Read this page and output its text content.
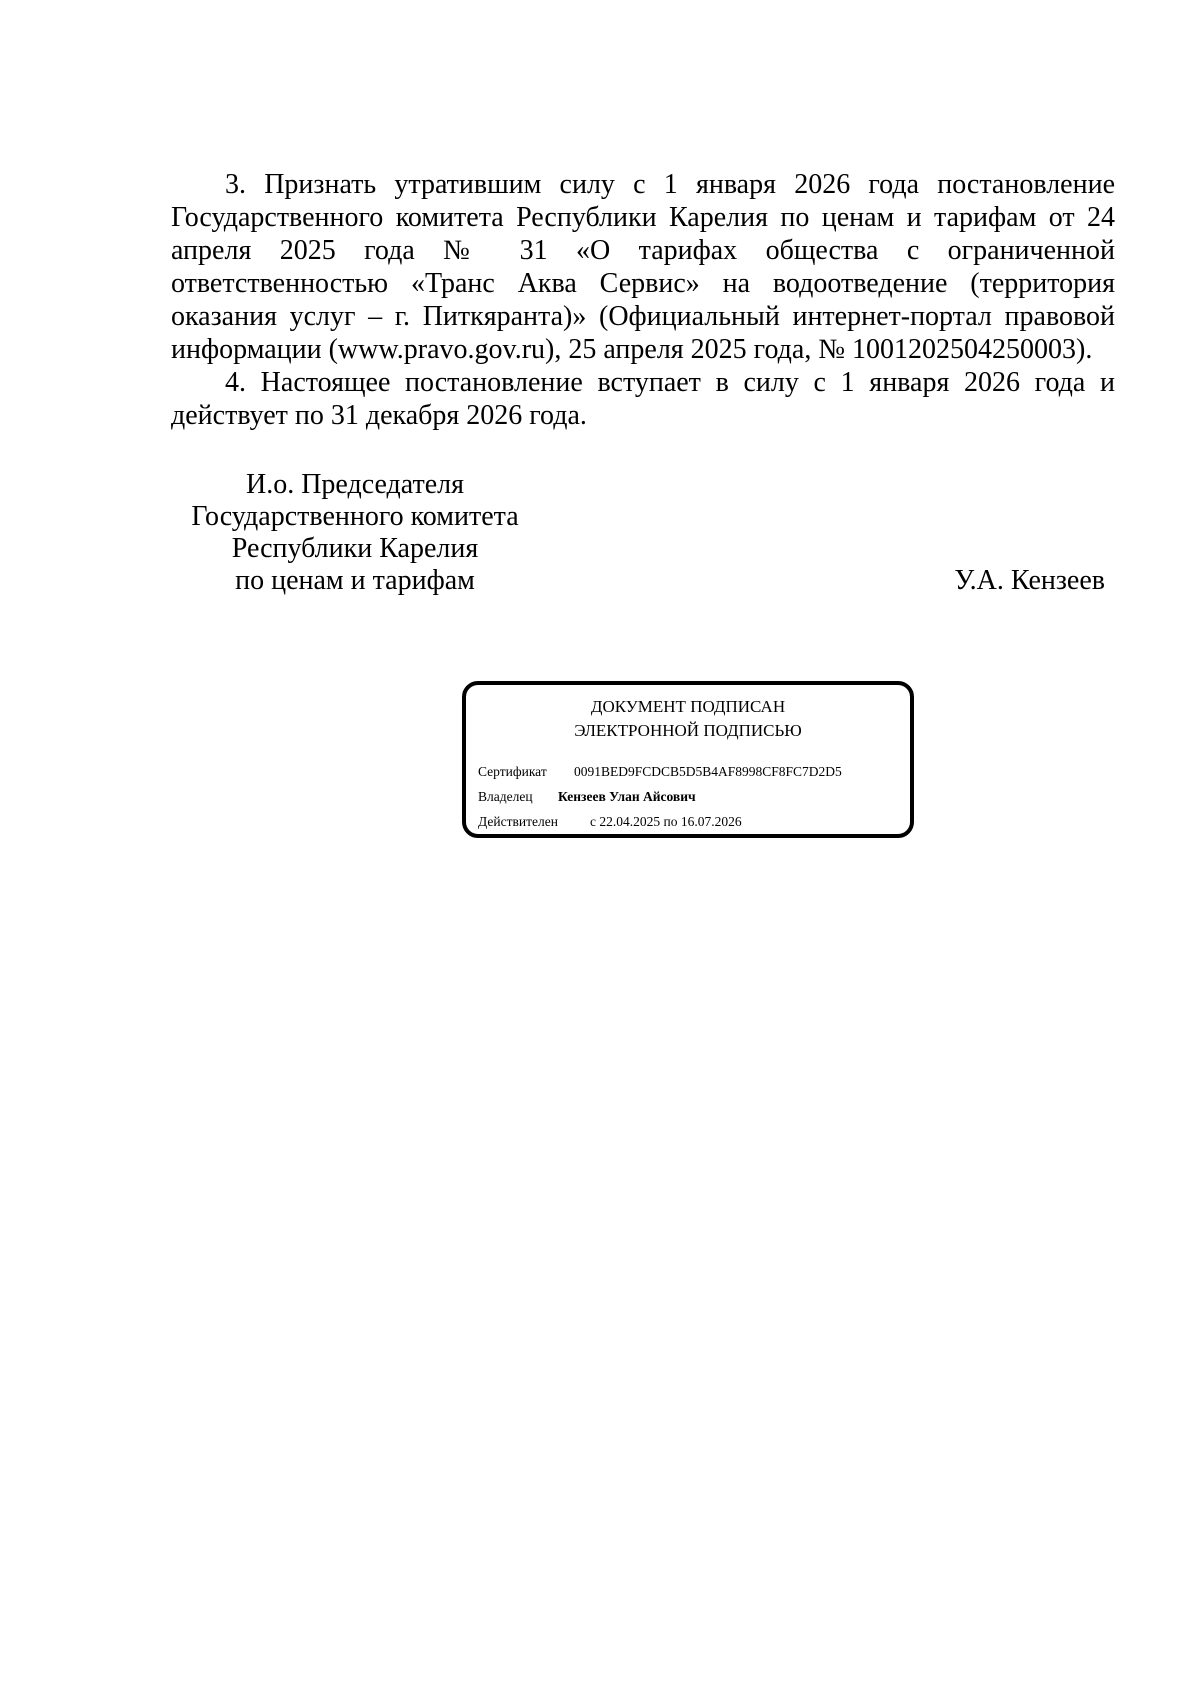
3. Признать утратившим силу с 1 января 2026 года постановление Государственного комитета Республики Карелия по ценам и тарифам от 24 апреля 2025 года № 31 «О тарифах общества с ограниченной ответственностью «Транс Аква Сервис» на водоотведение (территория оказания услуг – г. Питкяранта)» (Официальный интернет-портал правовой информации (www.pravo.gov.ru), 25 апреля 2025 года, № 1001202504250003).

4. Настоящее постановление вступает в силу с 1 января 2026 года и действует по 31 декабря 2026 года.

И.о. Председателя
Государственного комитета
Республики Карелия
по ценам и тарифам	У.А. Кензеев
ДОКУМЕНТ ПОДПИСАН
ЭЛЕКТРОННОЙ ПОДПИСЬЮ
Сертификат 0091BED9FCDCB5D5B4AF8998CF8FC7D2D5
Владелец Кензеев Улан Айсович
Действителен с 22.04.2025 по 16.07.2026
